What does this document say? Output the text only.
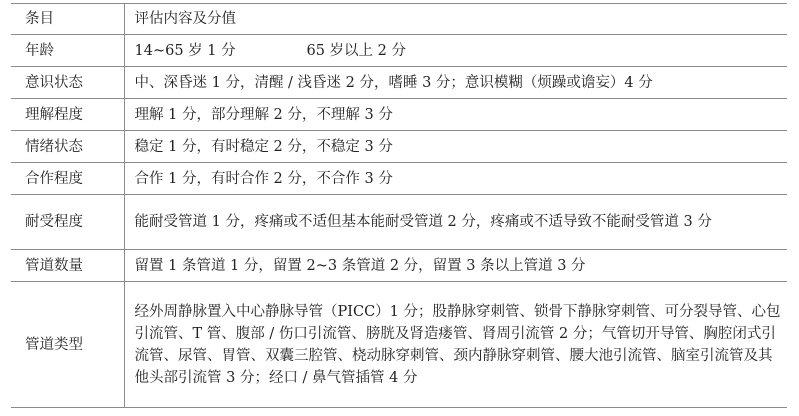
条目	评估内容及分值
年龄	14~65 岁 1 分 65 岁以上 2 分
意识状态	中、深昏迷 1 分，清醒 / 浅昏迷 2 分，嗜睡 3 分；意识模糊（烦躁或谵妄）4 分
理解程度	理解 1 分，部分理解 2 分，不理解 3 分
情绪状态	稳定 1 分，有时稳定 2 分，不稳定 3 分
合作程度	合作 1 分，有时合作 2 分，不合作 3 分
耐受程度	能耐受管道 1 分，疼痛或不适但基本能耐受管道 2 分，疼痛或不适导致不能耐受管道 3 分
管道数量	留置 1 条管道 1 分，留置 2~3 条管道 2 分，留置 3 条以上管道 3 分
管道类型	经外周静脉置入中心静脉导管（PICC）1 分；股静脉穿刺管、锁骨下静脉穿刺管、可分裂导管、心包引流管、T 管、腹部 / 伤口引流管、膀胱及肾造瘘管、肾周引流管 2 分；气管切开导管、胸腔闭式引流管、尿管、胃管、双囊三腔管、桡动脉穿刺管、颈内静脉穿刺管、腰大池引流管、脑室引流管及其他头部引流管 3 分；经口 / 鼻气管插管 4 分
